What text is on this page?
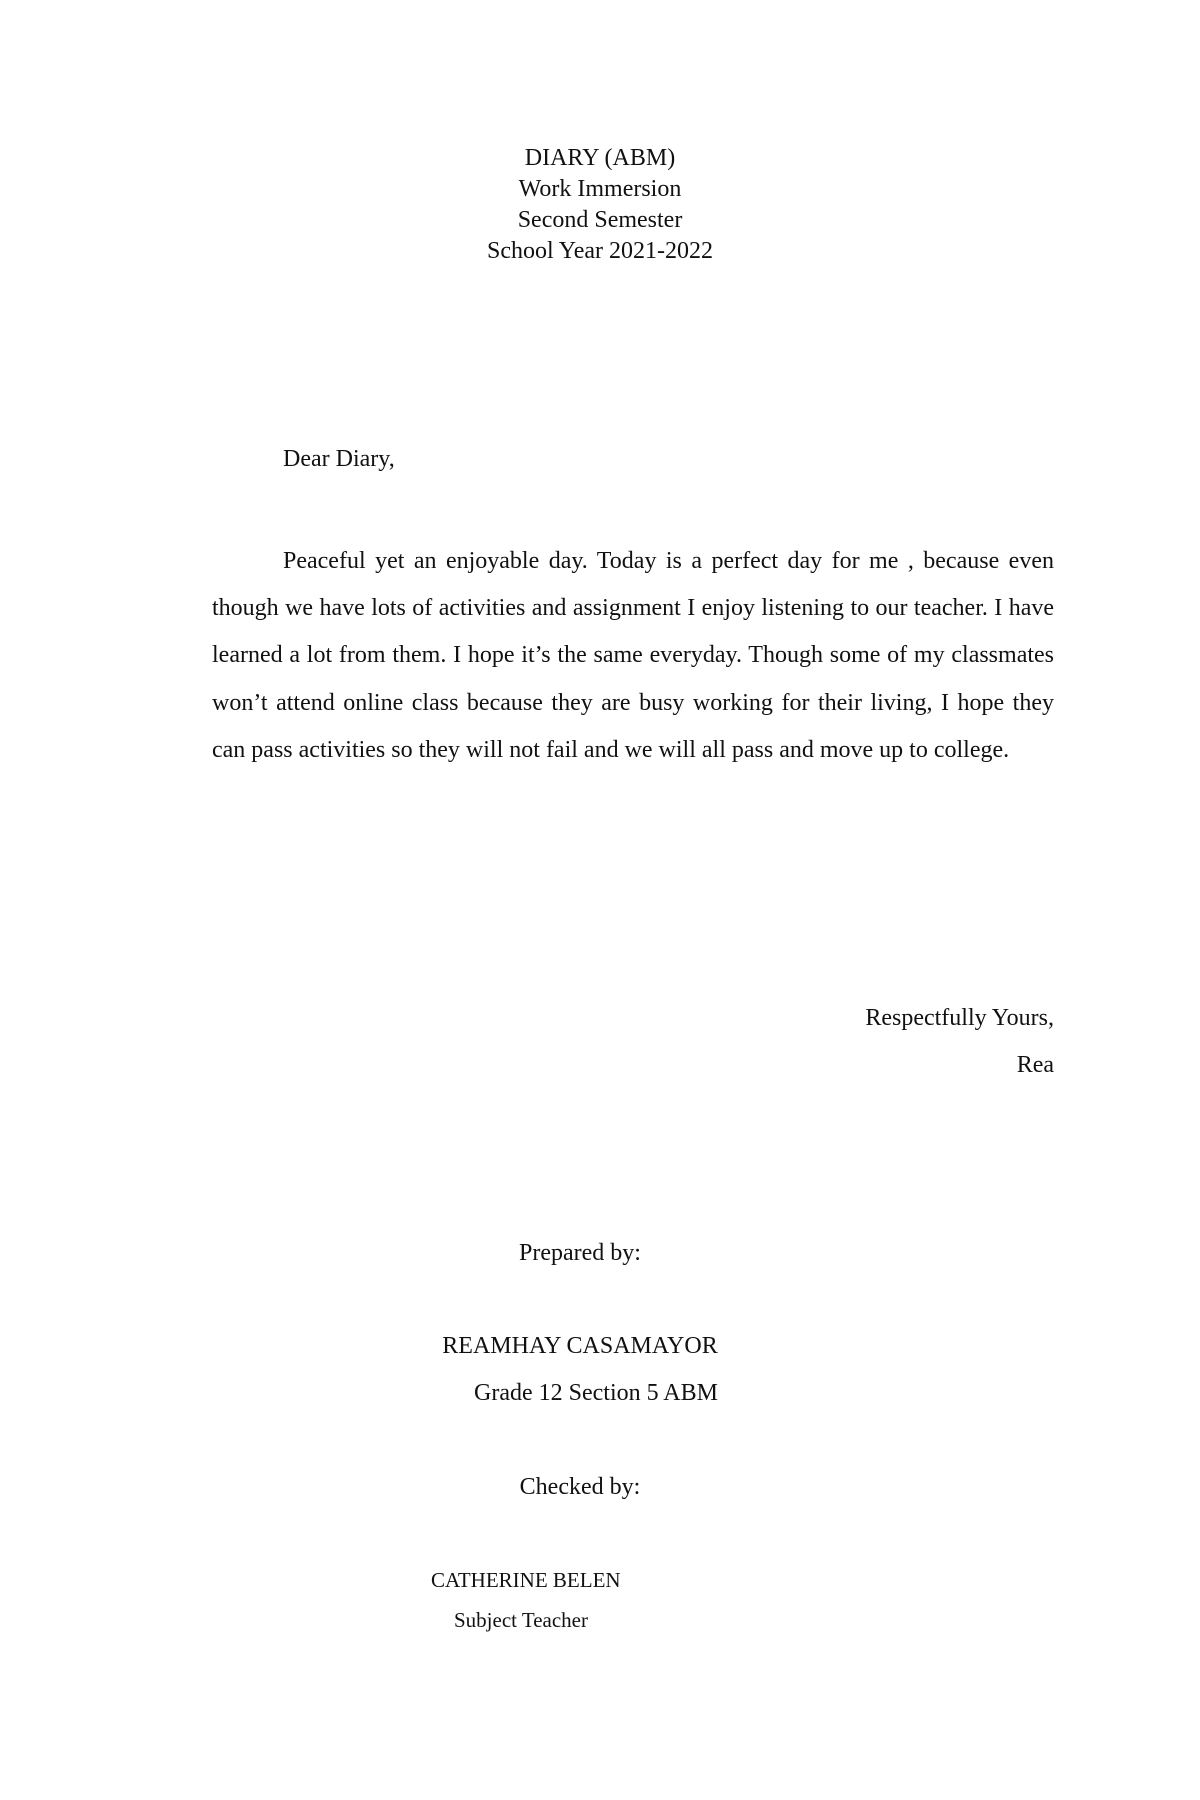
DIARY (ABM)
Work Immersion
Second Semester
School Year 2021-2022
Dear Diary,

Peaceful yet an enjoyable day. Today is a perfect day for me , because even though we have lots of activities and assignment I enjoy listening to our teacher. I have learned a lot from them. I hope it’s the same everyday. Though some of my classmates won’t attend online class because they are busy working for their living, I hope they can pass activities so they will not fail and we will all pass and move up to college.

Respectfully Yours,
Rea
Prepared by:
REAMHAY CASAMAYOR
Grade 12 Section 5 ABM
Checked by:
CATHERINE BELEN
Subject Teacher
